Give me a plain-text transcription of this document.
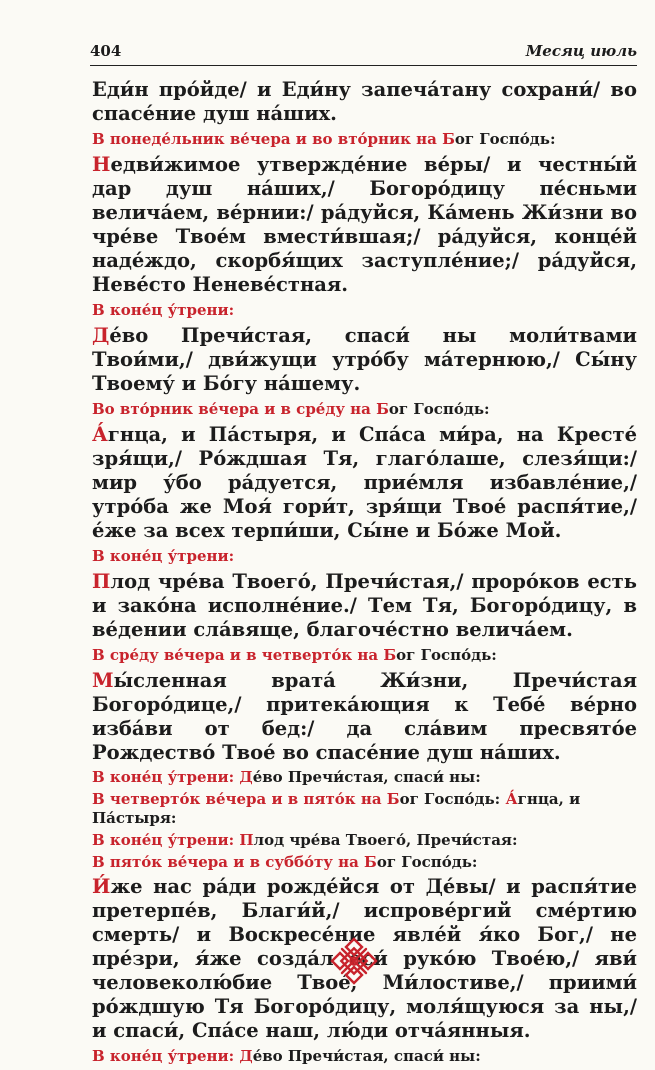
404	Месяц июль

Еди́н про́йде/ и Еди́ну запеча́тану сохрани́/ во спасе́ние душ на́ших.

В понеде́льник ве́чера и во вто́рник на Бог Госпо́дь:

Недви́жимое утвержде́ние ве́ры/ и честны́й дар душ на́ших,/ Богоро́дицу пе́сньми велича́ем, ве́рнии:/ ра́дуйся, Ка́мень Жи́зни во чре́ве Твое́м вмести́вшая;/ ра́дуйся, конце́й наде́ждо, скорбя́щих заступле́ние;/ ра́дуйся, Неве́сто Неневе́стная.

В коне́ц у́трени:

Де́во Пречи́стая, спаси́ ны моли́твами Твои́ми,/ дви́жущи утро́бу ма́тернюю,/ Сы́ну Твоему́ и Бо́гу на́шему.

Во вто́рник ве́чера и в сре́ду на Бог Госпо́дь:

А́гнца, и Па́стыря, и Спа́са ми́ра, на Кресте́ зря́щи,/ Ро́ждшая Тя, глаго́лаше, слезя́щи:/ мир у́бо ра́дуется, прие́мля избавле́ние,/ утро́ба же Моя́ гори́т, зря́щи Твое́ распя́тие,/ е́же за всех терпи́ши, Сы́не и Бо́же Мой.

В коне́ц у́трени:

Плод чре́ва Твоего́, Пречи́стая,/ проро́ков есть и зако́на исполне́ние./ Тем Тя, Богоро́дицу, в ве́дении сла́вяще, благоче́стно велича́ем.

В сре́ду ве́чера и в четверто́к на Бог Госпо́дь:

Мы́сленная врата́ Жи́зни, Пречи́стая Богоро́дице,/ притека́ющия к Тебе́ ве́рно изба́ви от бед:/ да сла́вим пресвято́е Рождество́ Твое́ во спасе́ние душ на́ших.

В коне́ц у́трени: Де́во Пречи́стая, спаси́ ны:

В четверто́к ве́чера и в пято́к на Бог Госпо́дь: А́гнца, и Па́стыря:

В коне́ц у́трени: Плод чре́ва Твоего́, Пречи́стая:

В пято́к ве́чера и в суббо́ту на Бог Госпо́дь:

И́же нас ра́ди рожде́йся от Де́вы/ и распя́тие претерпе́в, Благи́й,/ испрове́ргий сме́ртию смерть/ и Воскресе́ние явле́й я́ко Бог,/ не пре́зри, я́же созда́л еси́ руко́ю Твое́ю,/ яви́ человеколю́бие Твое́, Ми́лостиве,/ приими́ ро́ждшую Тя Богоро́дицу, моля́щуюся за ны,/ и спаси́, Спа́се наш, лю́ди отча́янныя.

В коне́ц у́трени: Де́во Пречи́стая, спаси́ ны:
